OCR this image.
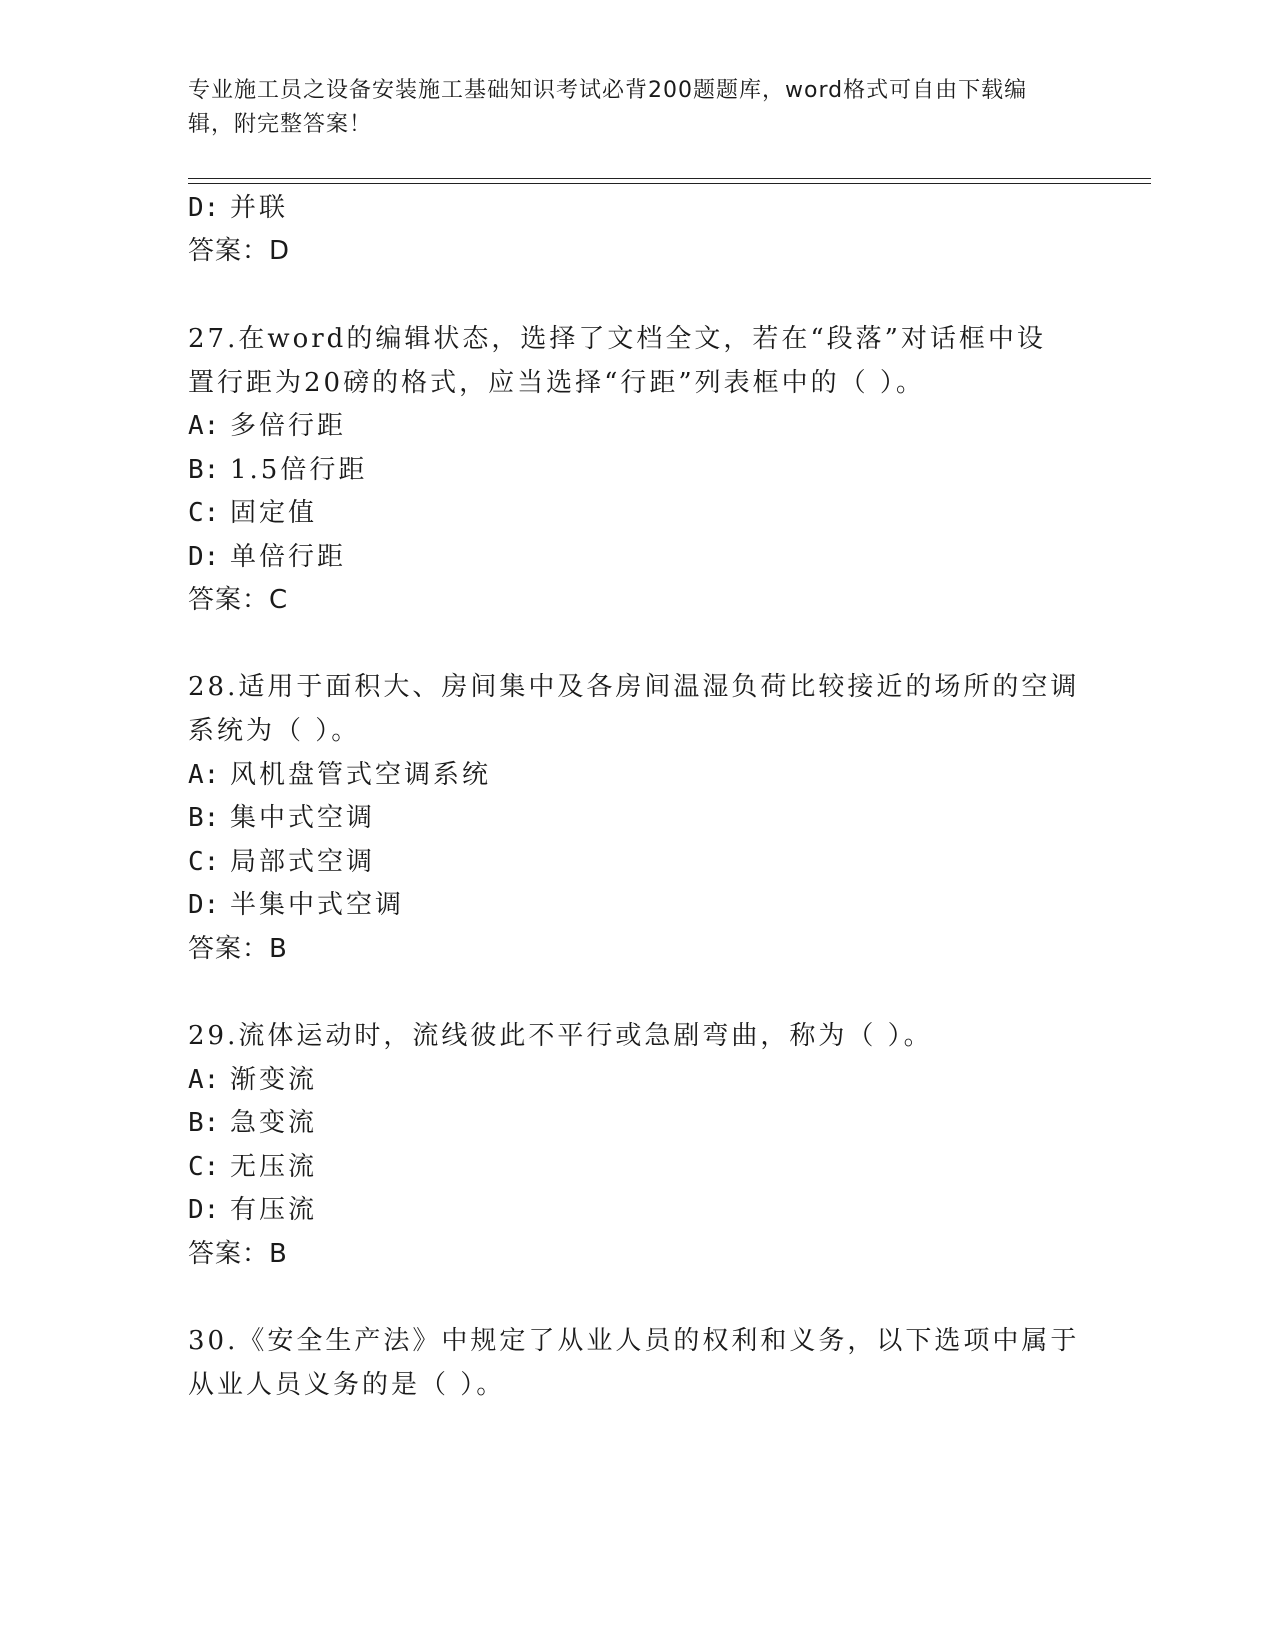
专业施工员之设备安装施工基础知识考试必背200题题库，word格式可自由下载编辑，附完整答案！
D: 并联
答案：D
27.在word的编辑状态，选择了文档全文，若在“段落”对话框中设
置行距为20磅的格式，应当选择“行距”列表框中的（ ）。
A: 多倍行距
B: 1.5倍行距
C: 固定值
D: 单倍行距
答案：C
28.适用于面积大、房间集中及各房间温湿负荷比较接近的场所的空调
系统为（ ）。
A: 风机盘管式空调系统
B: 集中式空调
C: 局部式空调
D: 半集中式空调
答案：B
29.流体运动时，流线彼此不平行或急剧弯曲，称为（ ）。
A: 渐变流
B: 急变流
C: 无压流
D: 有压流
答案：B
30.《安全生产法》中规定了从业人员的权利和义务，以下选项中属于
从业人员义务的是（ ）。
